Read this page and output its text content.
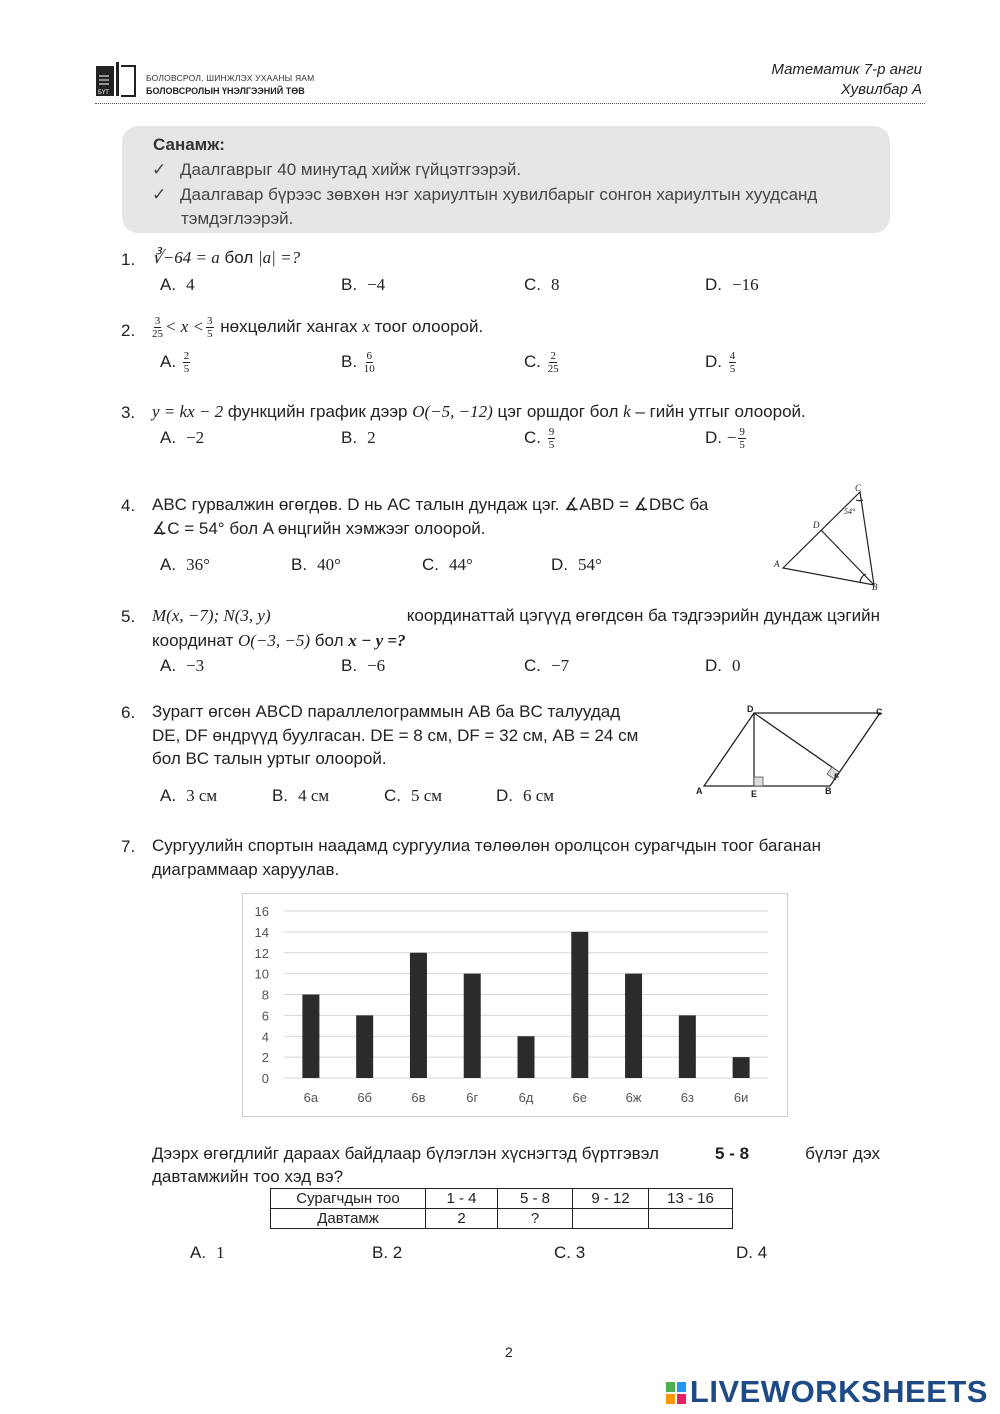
БҮТ
БОЛОВСРОЛ, ШИНЖЛЭХ УХААНЫ ЯАМ
БОЛОВСРОЛЫН ҮНЭЛГЭЭНИЙ ТӨВ
Математик 7-р анги
Хувилбар А
Санамж:
✓ Даалгаврыг 40 минутад хийж гүйцэтгээрэй.
✓ Даалгавар бүрээс зөвхөн нэг хариултын хувилбарыг сонгон хариултын хуудсанд
тэмдэглээрэй.
1. ∛−64 = a бол |a| =?
A. 4	B. −4	C. 8	D. −16
2. $\frac{3}{25} < x < \frac{3}{5}$ нөхцөлийг хангах x тоог олоорой.
A. $\frac{2}{5}$	B. $\frac{6}{10}$	C. $\frac{2}{25}$	D. $\frac{4}{5}$
3. y = kx − 2 функцийн график дээр O(−5, −12) цэг оршдог бол k – гийн утгыг олоорой.
A. −2	B. 2	C. $\frac{9}{5}$	D. − $\frac{9}{5}$
4. ABC гурвалжин өгөгдөв. D нь AC талын дундаж цэг. ∡ABD = ∡DBC ба
∡C = 54° бол A өнцгийн хэмжээг олоорой.
A. 36°	B. 40°	C. 44°	D. 54°
C
D
A
B
54°
5. M(x, −7); N(3, y)	координаттай цэгүүд өгөгдсөн ба тэдгээрийн дундаж цэгийн
координат O(−3, −5) бол x − y =?
A. −3	B. −6	C. −7	D. 0
6. Зурагт өгсөн ABCD параллелограммын AB ба BC талуудад
DE, DF өндрүүд буулгасан. DE = 8 см, DF = 32 см, AB = 24 см
бол BC талын уртыг олоорой.
A. 3 см	B. 4 см	C. 5 см	D. 6 см
D	C
A	E	B
F
7. Сургуулийн спортын наадамд сургуулиа төлөөлөн оролцсон сурагчдын тоог баганан
диаграммаар харуулав.
0
2
4
6
8
10
12
14
16
6а	6б	6в	6г	6д	6е	6ж	6з	6и
Дээрх өгөгдлийг дараах байдлаар бүлэглэн хүснэгтэд бүртгэвэл	5 - 8	бүлэг дэх
давтамжийн тоо хэд вэ?
Сурагчдын тоо	1 - 4	5 - 8	9 - 12	13 - 16
Давтамж	2	?		
A. 1	B. 2	C. 3	D. 4
2
LIVEWORKSHEETS
